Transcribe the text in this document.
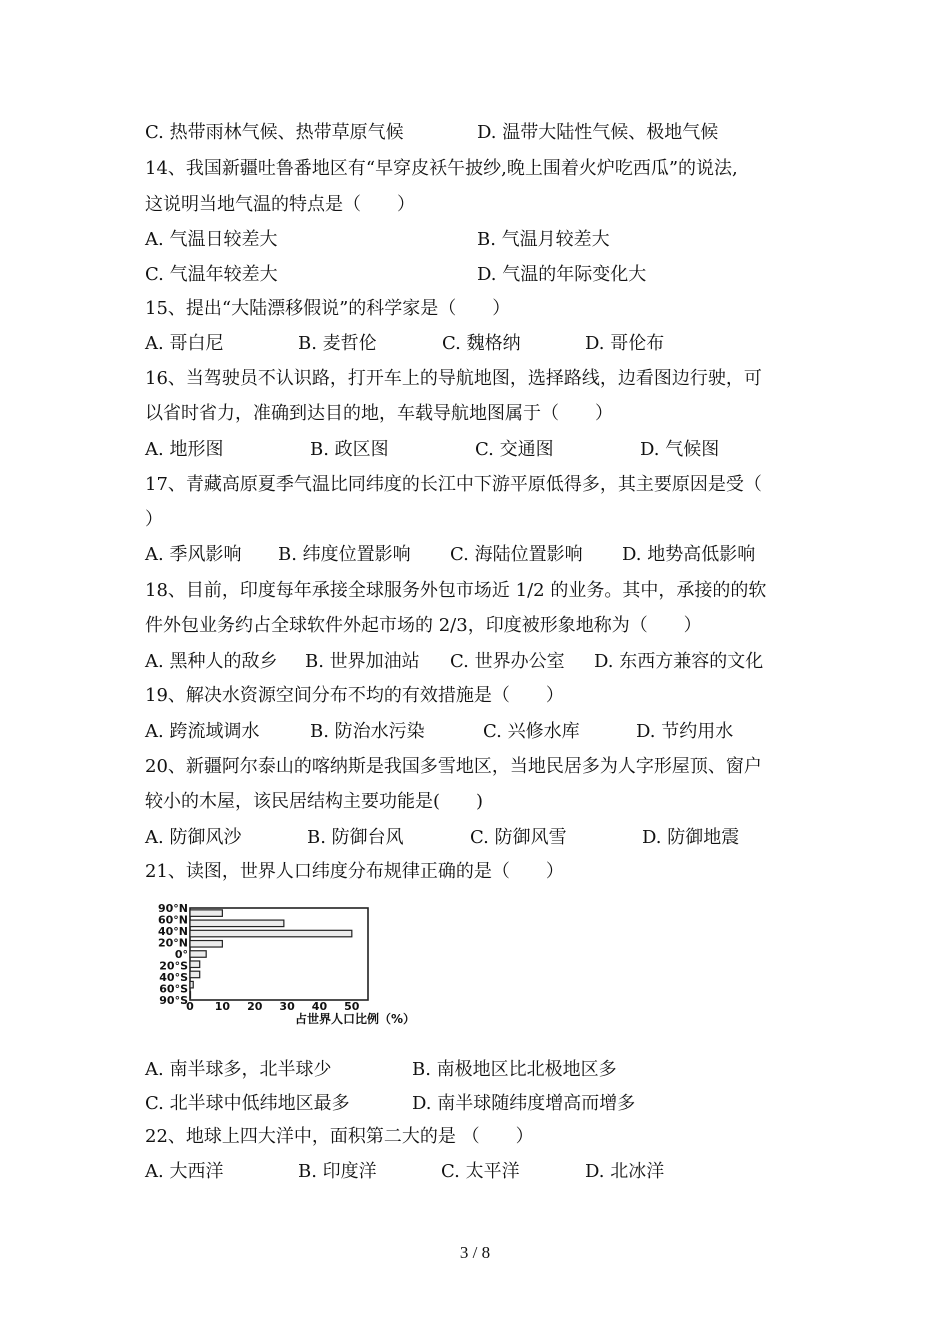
C. 热带雨林气候、热带草原气候	D. 温带大陆性气候、极地气候
14、我国新疆吐鲁番地区有“早穿皮袄午披纱,晚上围着火炉吃西瓜”的说法,
这说明当地气温的特点是（　　）
A. 气温日较差大	B. 气温月较差大
C. 气温年较差大	D. 气温的年际变化大
15、提出“大陆漂移假说”的科学家是（　　）
A. 哥白尼	B. 麦哲伦	C. 魏格纳	D. 哥伦布
16、当驾驶员不认识路，打开车上的导航地图，选择路线，边看图边行驶，可
以省时省力，准确到达目的地，车载导航地图属于（　　）
A. 地形图	B. 政区图	C. 交通图	D. 气候图
17、青藏高原夏季气温比同纬度的长江中下游平原低得多，其主要原因是受（
）
A. 季风影响 B. 纬度位置影响 C. 海陆位置影响 D. 地势高低影响
18、目前，印度每年承接全球服务外包市场近 1/2 的业务。其中，承接的的软
件外包业务约占全球软件外起市场的 2/3，印度被形象地称为（　　）
A. 黑种人的敌乡 B. 世界加油站 C. 世界办公室 D. 东西方兼容的文化
19、解决水资源空间分布不均的有效措施是（　　）
A. 跨流域调水	B. 防治水污染	C. 兴修水库	D. 节约用水
20、新疆阿尔泰山的喀纳斯是我国多雪地区，当地民居多为人字形屋顶、窗户
较小的木屋，该民居结构主要功能是(　　)
A. 防御风沙	B. 防御台风	C. 防御风雪	D. 防御地震
21、读图，世界人口纬度分布规律正确的是（　　）
90°N
60°N
40°N
20°N
0°
20°S
40°S
60°S
90°S
0 10 20 30 40 50
占世界人口比例（%）
A. 南半球多，北半球少	B. 南极地区比北极地区多
C. 北半球中低纬地区最多	D. 南半球随纬度增高而增多
22、地球上四大洋中，面积第二大的是 （　　）
A. 大西洋	B. 印度洋	C. 太平洋	D. 北冰洋
3 / 8
